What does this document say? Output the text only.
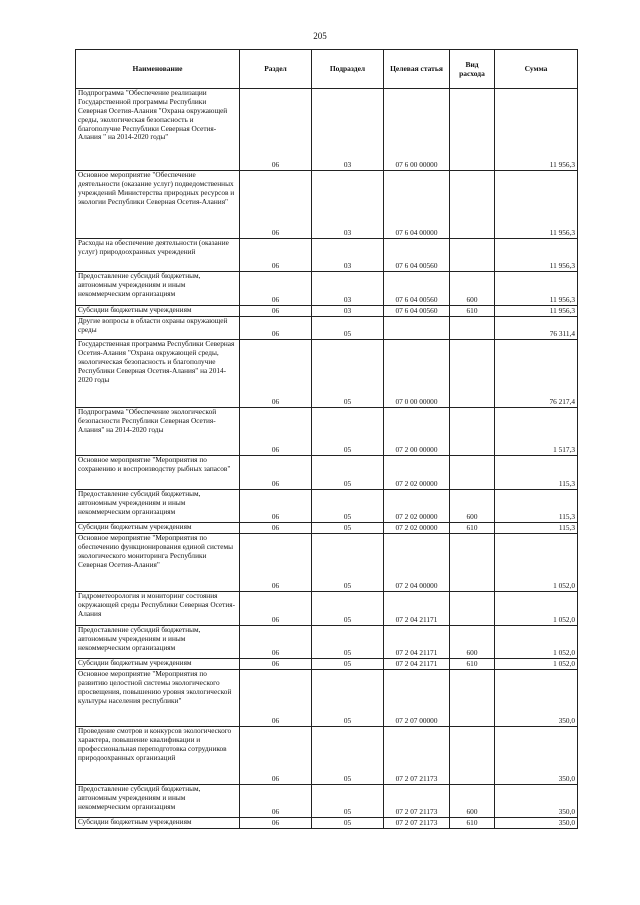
205
Наименование	Раздел	Подраздел	Целевая статья	Вид расхода	Сумма
Подпрограмма "Обеспечение реализации Государственной программы Республики Северная Осетия-Алания "Охрана окружающей среды, экологическая безопасность и благополучие Республики Северная Осетия-Алания " на 2014-2020 годы"	06	03	07 6 00 00000		11 956,3
Основное мероприятие "Обеспечение деятельности (оказание услуг) подведомственных учреждений Министерства природных ресурсов и экологии Республики Северная Осетия-Алания"	06	03	07 6 04 00000		11 956,3
Расходы на обеспечение деятельности (оказание услуг) природоохранных учреждений	06	03	07 6 04 00560		11 956,3
Предоставление субсидий бюджетным, автономным учреждениям и иным некоммерческим организациям	06	03	07 6 04 00560	600	11 956,3
Субсидии бюджетным учреждениям	06	03	07 6 04 00560	610	11 956,3
Другие вопросы в области охраны окружающей среды	06	05			76 311,4
Государственная программа Республики Северная Осетия-Алания "Охрана окружающей среды, экологическая безопасность и благополучие Республики Северная Осетия-Алания" на 2014-2020 годы	06	05	07 0 00 00000		76 217,4
Подпрограмма "Обеспечение экологической безопасности Республики Северная Осетия-Алания" на 2014-2020 годы	06	05	07 2 00 00000		1 517,3
Основное мероприятие "Мероприятия по сохранению и воспроизводству рыбных запасов"	06	05	07 2 02 00000		115,3
Предоставление субсидий бюджетным, автономным учреждениям и иным некоммерческим организациям	06	05	07 2 02 00000	600	115,3
Субсидии бюджетным учреждениям	06	05	07 2 02 00000	610	115,3
Основное мероприятие "Мероприятия по обеспечению функционирования единой системы экологического мониторинга Республики Северная Осетия-Алания"	06	05	07 2 04 00000		1 052,0
Гидрометеорология и мониторинг состояния окружающей среды Республики Северная Осетия-Алания	06	05	07 2 04 21171		1 052,0
Предоставление субсидий бюджетным, автономным учреждениям и иным некоммерческим организациям	06	05	07 2 04 21171	600	1 052,0
Субсидии бюджетным учреждениям	06	05	07 2 04 21171	610	1 052,0
Основное мероприятие "Мероприятия по развитию целостной системы экологического просвещения, повышению уровня экологической культуры населения республики"	06	05	07 2 07 00000		350,0
Проведение смотров и конкурсов экологического характера, повышение квалификации и профессиональная переподготовка сотрудников природоохранных организаций	06	05	07 2 07 21173		350,0
Предоставление субсидий бюджетным, автономным учреждениям и иным некоммерческим организациям	06	05	07 2 07 21173	600	350,0
Субсидии бюджетным учреждениям	06	05	07 2 07 21173	610	350,0
